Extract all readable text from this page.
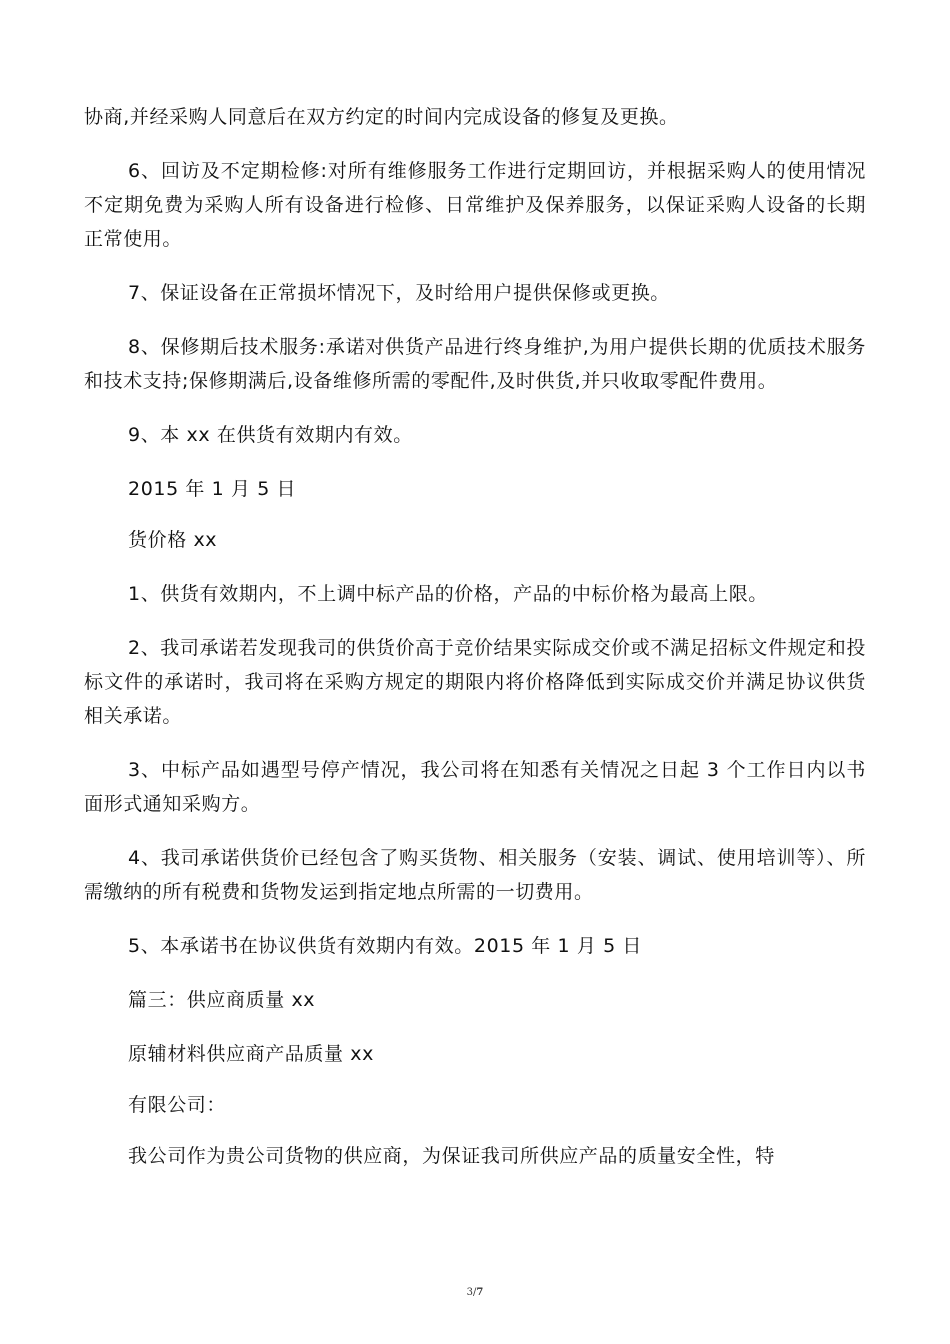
协商,并经采购人同意后在双方约定的时间内完成设备的修复及更换。

6、回访及不定期检修:对所有维修服务工作进行定期回访，并根据采购人的使用情况不定期免费为采购人所有设备进行检修、日常维护及保养服务，以保证采购人设备的长期正常使用。

7、保证设备在正常损坏情况下，及时给用户提供保修或更换。

8、保修期后技术服务:承诺对供货产品进行终身维护,为用户提供长期的优质技术服务和技术支持;保修期满后,设备维修所需的零配件,及时供货,并只收取零配件费用。

9、本 xx 在供货有效期内有效。

2015 年 1 月 5 日

货价格 xx

1、供货有效期内，不上调中标产品的价格，产品的中标价格为最高上限。

2、我司承诺若发现我司的供货价高于竞价结果实际成交价或不满足招标文件规定和投标文件的承诺时，我司将在采购方规定的期限内将价格降低到实际成交价并满足协议供货相关承诺。

3、中标产品如遇型号停产情况，我公司将在知悉有关情况之日起 3 个工作日内以书面形式通知采购方。

4、我司承诺供货价已经包含了购买货物、相关服务（安装、调试、使用培训等）、所需缴纳的所有税费和货物发运到指定地点所需的一切费用。

5、本承诺书在协议供货有效期内有效。2015 年 1 月 5 日

篇三：供应商质量 xx

原辅材料供应商产品质量 xx

有限公司：

我公司作为贵公司货物的供应商，为保证我司所供应产品的质量安全性，特

3/7
